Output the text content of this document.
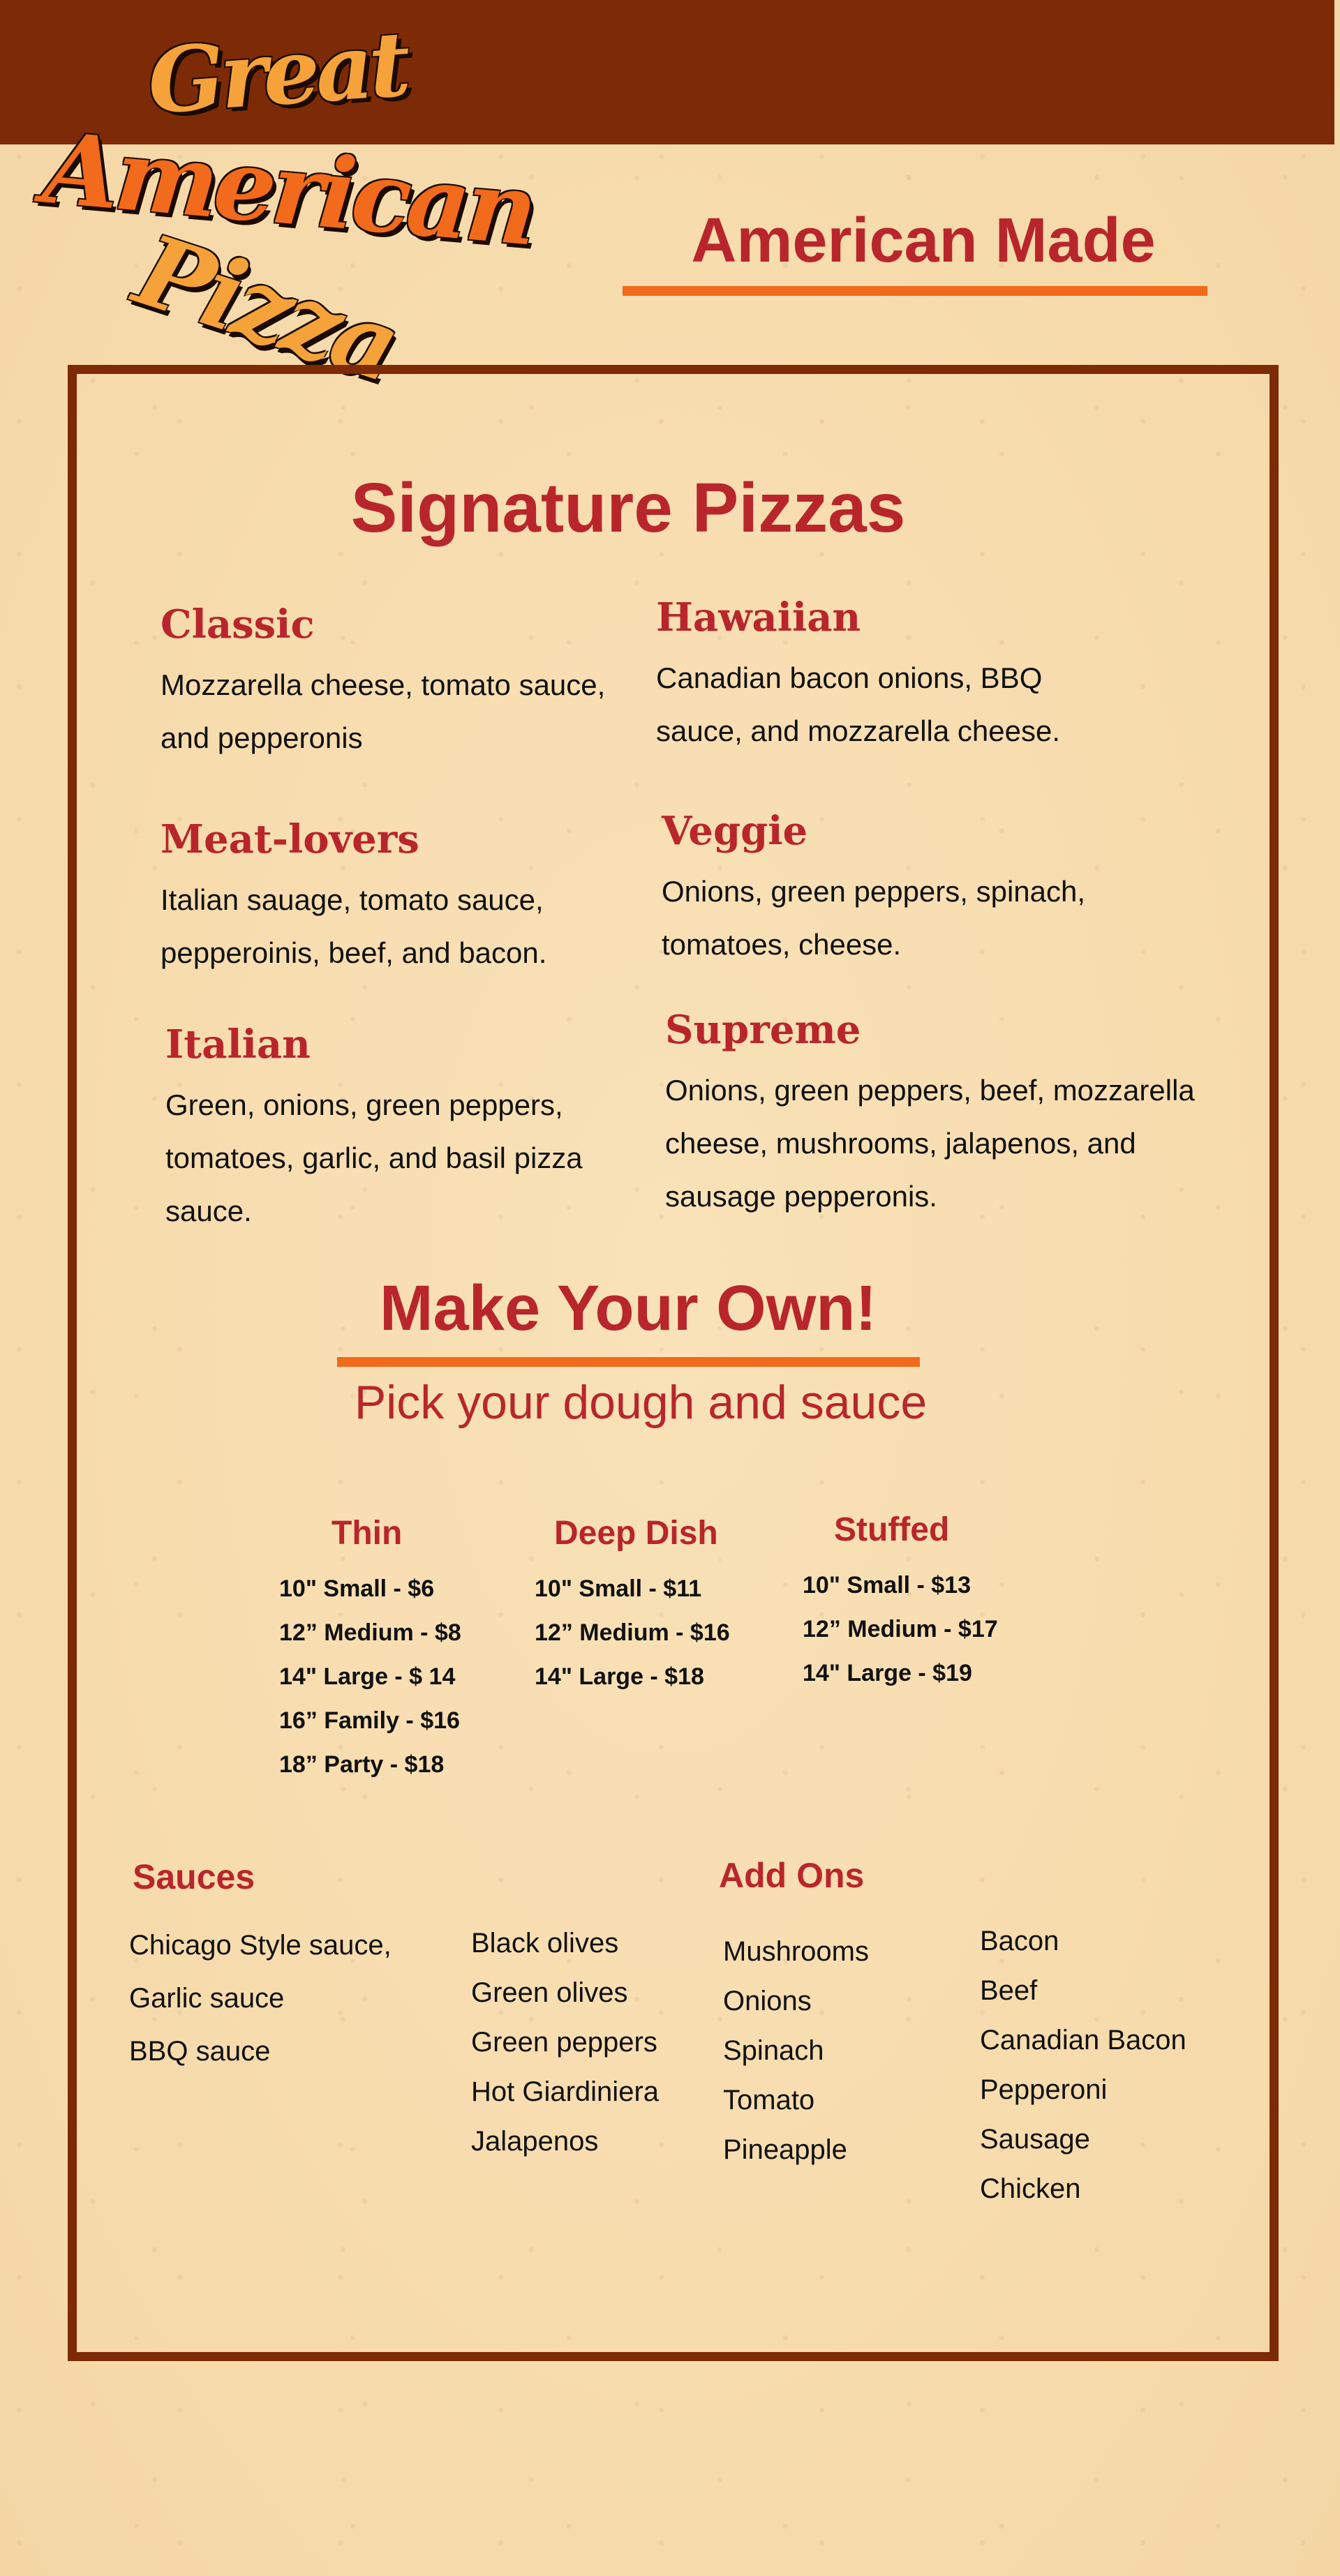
Great
American
Pizza	American Made
Signature Pizzas
Classic

Mozzarella cheese, tomato sauce,

and pepperonis

Hawaiian

Canadian bacon onions, BBQ

sauce, and mozzarella cheese.

Meat-lovers

Italian sauage, tomato sauce,

pepperoinis, beef, and bacon.

Veggie

Onions, green peppers, spinach,

tomatoes, cheese.

Italian

Green, onions, green peppers,

tomatoes, garlic, and basil pizza

sauce.

Supreme

Onions, green peppers, beef, mozzarella

cheese, mushrooms, jalapenos, and

sausage pepperonis.

Make Your Own!

Pick your dough and sauce

Thin
10" Small - $6
12” Medium - $8
14" Large - $ 14
16” Family - $16
18” Party - $18
Deep Dish
10" Small - $11
12” Medium - $16
14" Large - $18
Stuffed
10" Small - $13
12” Medium - $17
14" Large - $19
Sauces
Chicago Style sauce,
Garlic sauce
BBQ sauce
Add Ons
Black olives
Green olives
Green peppers
Hot Giardiniera
Jalapenos
Mushrooms
Onions
Spinach
Tomato
Pineapple
Bacon
Beef
Canadian Bacon
Pepperoni
Sausage
Chicken
